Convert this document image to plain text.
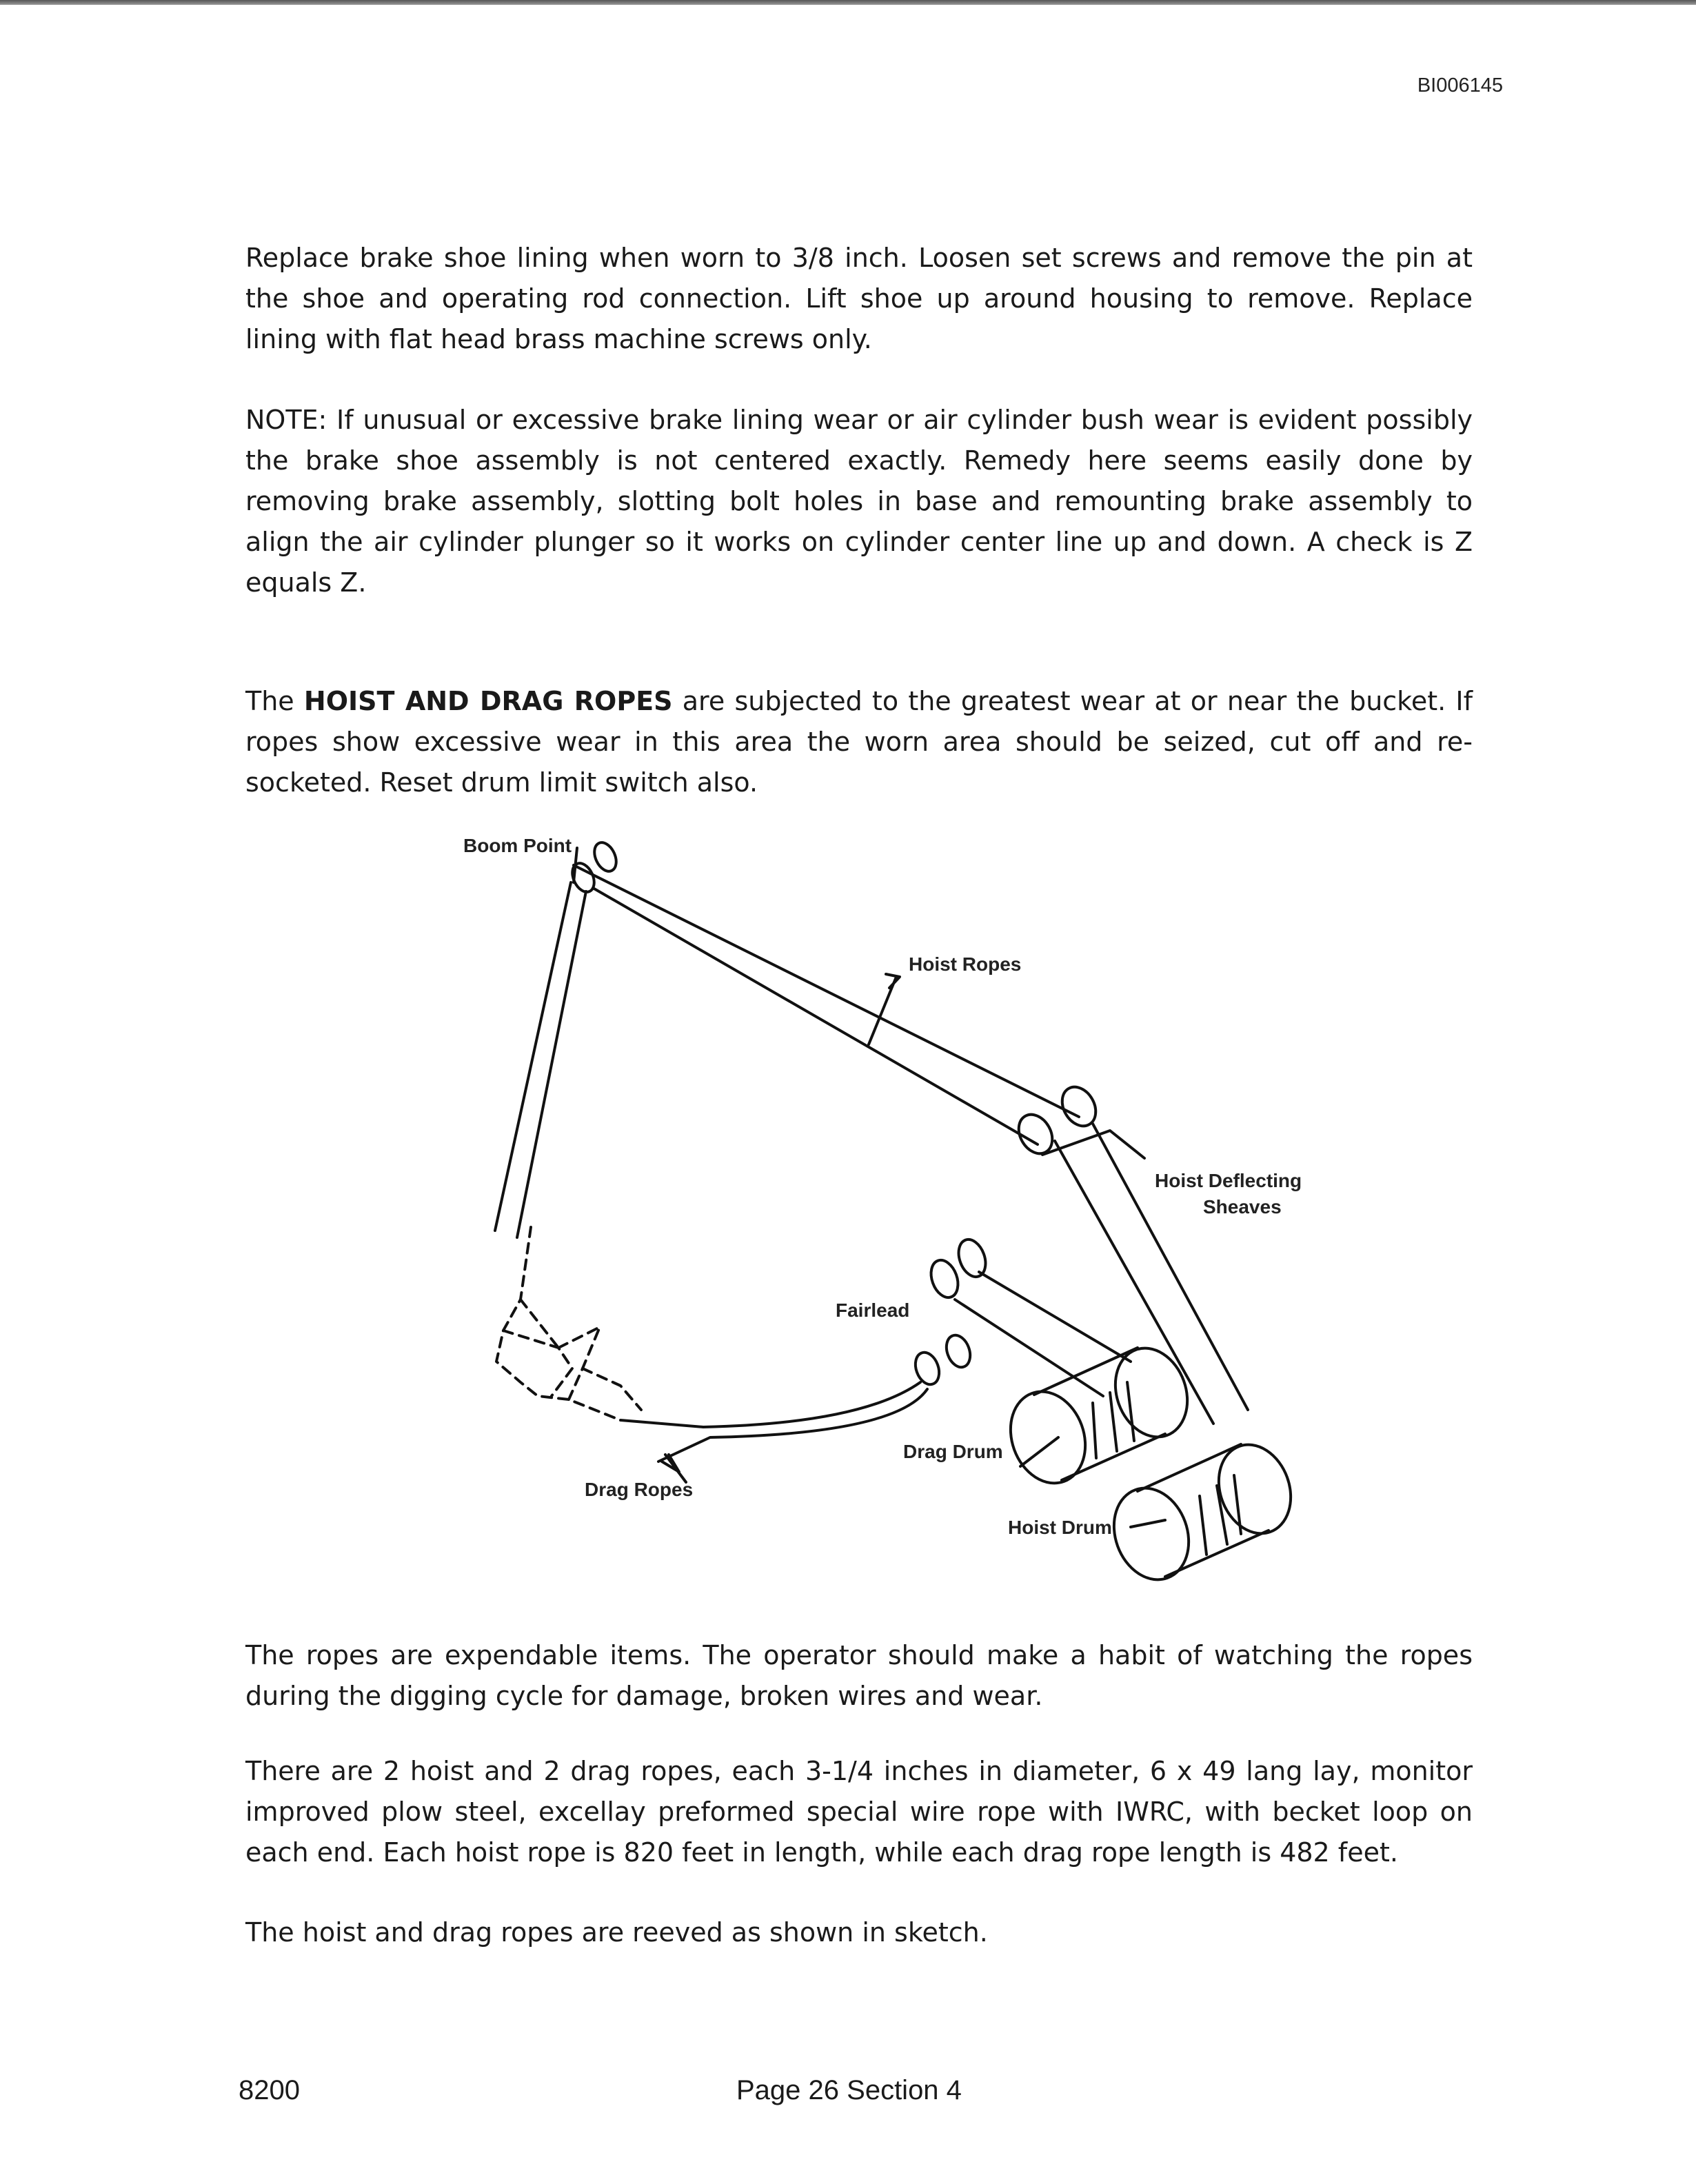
BI006145

Replace brake shoe lining when worn to 3/8 inch. Loosen set screws and remove the pin at the shoe and operating rod connection. Lift shoe up around housing to remove. Replace lining with flat head brass machine screws only.

NOTE: If unusual or excessive brake lining wear or air cylinder bush wear is evident possibly the brake shoe assembly is not centered exactly. Remedy here seems easily done by removing brake assembly, slotting bolt holes in base and remounting brake assembly to align the air cylinder plunger so it works on cylinder center line up and down. A check is Z equals Z.

The HOIST AND DRAG ROPES are subjected to the greatest wear at or near the bucket. If ropes show excessive wear in this area the worn area should be seized, cut off and re-socketed. Reset drum limit switch also.

Boom Point
Hoist Ropes
Hoist Deflecting
Sheaves
Fairlead
Drag Drum
Drag Ropes
Hoist Drum

The ropes are expendable items. The operator should make a habit of watching the ropes during the digging cycle for damage, broken wires and wear.

There are 2 hoist and 2 drag ropes, each 3-1/4 inches in diameter, 6 x 49 lang lay, monitor improved plow steel, excellay preformed special wire rope with IWRC, with becket loop on each end. Each hoist rope is 820 feet in length, while each drag rope length is 482 feet.

The hoist and drag ropes are reeved as shown in sketch.

8200	Page 26 Section 4
